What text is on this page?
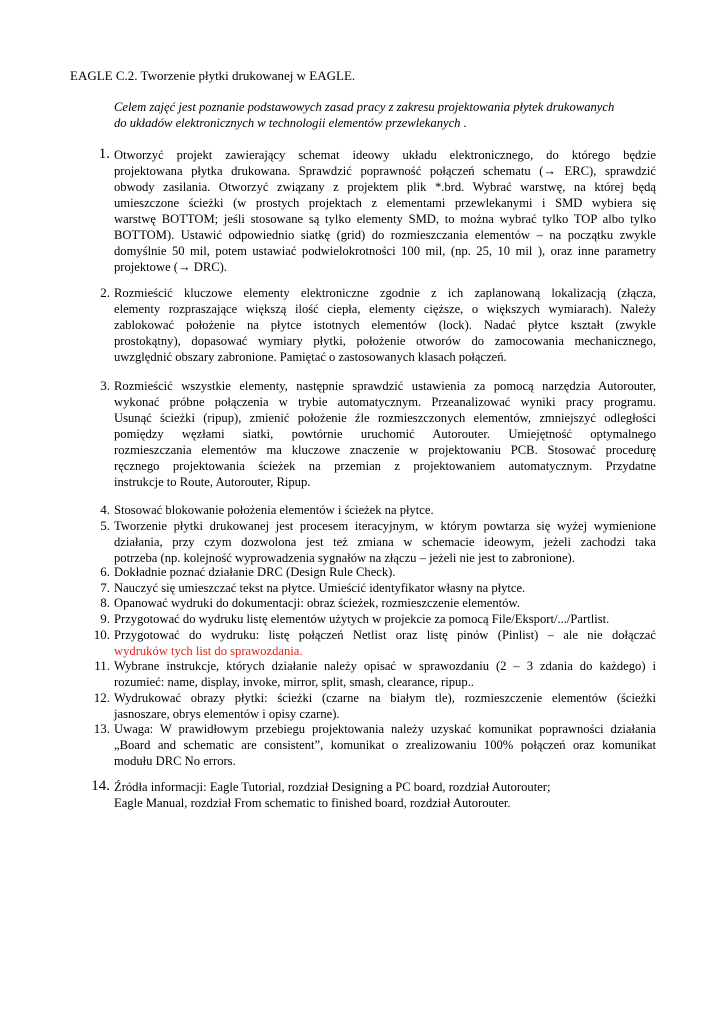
EAGLE C.2. Tworzenie płytki drukowanej w EAGLE.
Celem zajęć jest poznanie podstawowych zasad pracy z zakresu projektowania płytek drukowanych
do układów elektronicznych w technologii elementów przewlekanych .
1. Otworzyć projekt zawierający schemat ideowy układu elektronicznego, do którego będzie
projektowana płytka drukowana. Sprawdzić poprawność połączeń schematu (→ ERC), sprawdzić
obwody zasilania. Otworzyć związany z projektem plik *.brd. Wybrać warstwę, na której będą
umieszczone ścieżki (w prostych projektach z elementami przewlekanymi i SMD wybiera się
warstwę BOTTOM; jeśli stosowane są tylko elementy SMD, to można wybrać tylko TOP albo tylko
BOTTOM). Ustawić odpowiednio siatkę (grid) do rozmieszczania elementów – na początku zwykle
domyślnie 50 mil, potem ustawiać podwielokrotności 100 mil, (np. 25, 10 mil ), oraz inne parametry
projektowe (→ DRC).
2. Rozmieścić kluczowe elementy elektroniczne zgodnie z ich zaplanowaną lokalizacją (złącza,
elementy rozpraszające większą ilość ciepła, elementy cięższe, o większych wymiarach). Należy
zablokować położenie na płytce istotnych elementów (lock). Nadać płytce kształt (zwykle
prostokątny), dopasować wymiary płytki, położenie otworów do zamocowania mechanicznego,
uwzględnić obszary zabronione. Pamiętać o zastosowanych klasach połączeń.
3. Rozmieścić wszystkie elementy, następnie sprawdzić ustawienia za pomocą narzędzia Autorouter,
wykonać próbne połączenia w trybie automatycznym. Przeanalizować wyniki pracy programu.
Usunąć ścieżki (ripup), zmienić położenie źle rozmieszczonych elementów, zmniejszyć odległości
pomiędzy węzłami siatki, powtórnie uruchomić Autorouter. Umiejętność optymalnego
rozmieszczania elementów ma kluczowe znaczenie w projektowaniu PCB. Stosować procedurę
ręcznego projektowania ścieżek na przemian z projektowaniem automatycznym. Przydatne
instrukcje to Route, Autorouter, Ripup.
4. Stosować blokowanie położenia elementów i ścieżek na płytce.
5. Tworzenie płytki drukowanej jest procesem iteracyjnym, w którym powtarza się wyżej wymienione
działania, przy czym dozwolona jest też zmiana w schemacie ideowym, jeżeli zachodzi taka
potrzeba (np. kolejność wyprowadzenia sygnałów na złączu – jeżeli nie jest to zabronione).
6. Dokładnie poznać działanie DRC (Design Rule Check).
7. Nauczyć się umieszczać tekst na płytce. Umieścić identyfikator własny na płytce.
8. Opanować wydruki do dokumentacji: obraz ścieżek, rozmieszczenie elementów.
9. Przygotować do wydruku listę elementów użytych w projekcie za pomocą File/Eksport/.../Partlist.
10. Przygotować do wydruku: listę połączeń Netlist oraz listę pinów (Pinlist) – ale nie dołączać
wydruków tych list do sprawozdania.
11. Wybrane instrukcje, których działanie należy opisać w sprawozdaniu (2 – 3 zdania do każdego) i
rozumieć: name, display, invoke, mirror, split, smash, clearance, ripup..
12. Wydrukować obrazy płytki: ścieżki (czarne na białym tle), rozmieszczenie elementów (ścieżki
jasnoszare, obrys elementów i opisy czarne).
13. Uwaga: W prawidłowym przebiegu projektowania należy uzyskać komunikat poprawności działania
„Board and schematic are consistent”, komunikat o zrealizowaniu 100% połączeń oraz komunikat
modułu DRC No errors.
14. Źródła informacji: Eagle Tutorial, rozdział Designing a PC board, rozdział Autorouter;
Eagle Manual, rozdział From schematic to finished board, rozdział Autorouter.
